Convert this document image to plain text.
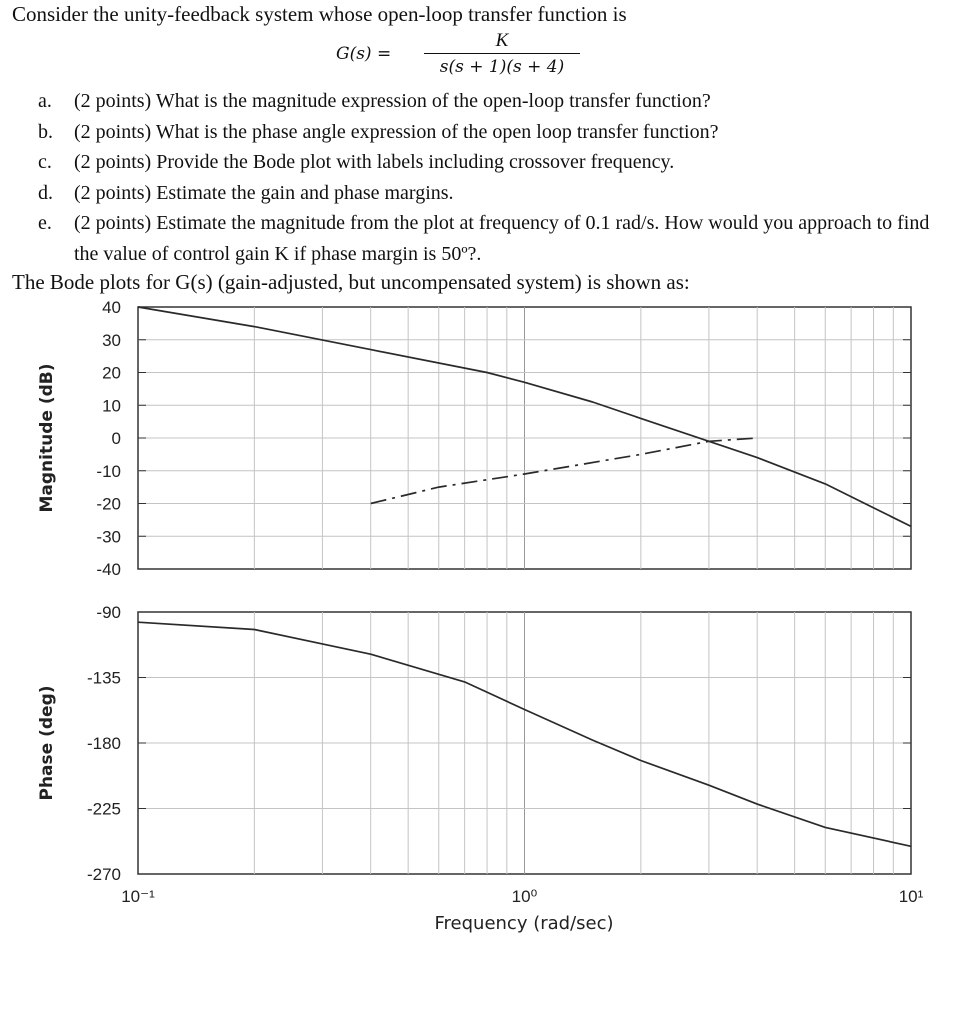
Consider the unity-feedback system whose open-loop transfer function is
G(s) =
K
s(s + 1)(s + 4)
a. (2 points) What is the magnitude expression of the open-loop transfer function?
b. (2 points) What is the phase angle expression of the open loop transfer function?
c. (2 points) Provide the Bode plot with labels including crossover frequency.
d. (2 points) Estimate the gain and phase margins.
e. (2 points) Estimate the magnitude from the plot at frequency of 0.1 rad/s. How would you approach to find the value of control gain K if phase margin is 50º?.
The Bode plots for G(s) (gain-adjusted, but uncompensated system) is shown as:
40
30
20
10
0
-10
-20
-30
-40
Magnitude (dB)
-90
-135
-180
-225
-270
Phase (deg)
10⁻¹	10⁰	10¹
Frequency (rad/sec)
